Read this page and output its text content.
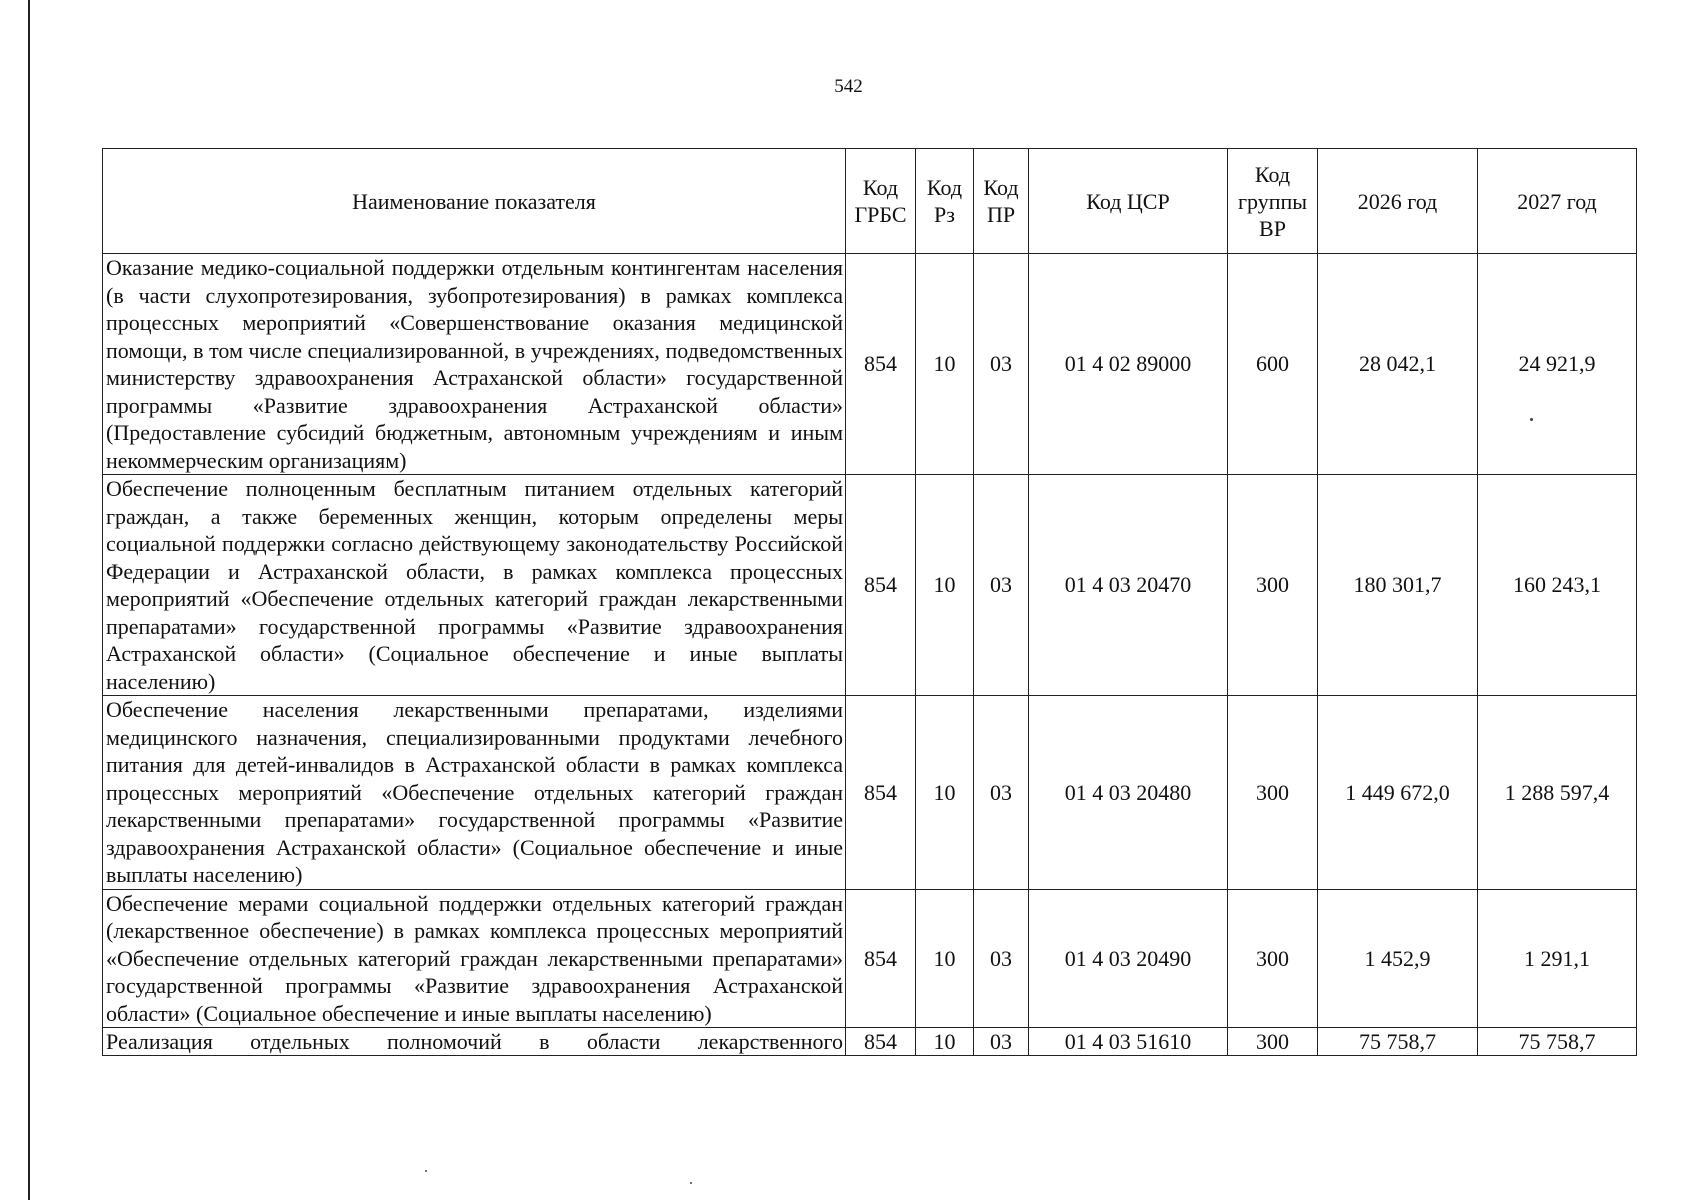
542
Наименование показателя	Код ГРБС	Код Рз	Код ПР	Код ЦСР	Код группы ВР	2026 год	2027 год
Оказание медико-социальной поддержки отдельным контингентам населения (в части слухопротезирования, зубопротезирования) в рамках комплекса процессных мероприятий «Совершенствование оказания медицинской помощи, в том числе специализированной, в учреждениях, подведомственных министерству здравоохранения Астраханской области» государственной программы «Развитие здравоохранения Астраханской области» (Предоставление субсидий бюджетным, автономным учреждениям и иным некоммерческим организациям)	854	10	03	01 4 02 89000	600	28 042,1	24 921,9
Обеспечение полноценным бесплатным питанием отдельных категорий граждан, а также беременных женщин, которым определены меры социальной поддержки согласно действующему законодательству Российской Федерации и Астраханской области, в рамках комплекса процессных мероприятий «Обеспечение отдельных категорий граждан лекарственными препаратами» государственной программы «Развитие здравоохранения Астраханской области» (Социальное обеспечение и иные выплаты населению)	854	10	03	01 4 03 20470	300	180 301,7	160 243,1
Обеспечение населения лекарственными препаратами, изделиями медицинского назначения, специализированными продуктами лечебного питания для детей-инвалидов в Астраханской области в рамках комплекса процессных мероприятий «Обеспечение отдельных категорий граждан лекарственными препаратами» государственной программы «Развитие здравоохранения Астраханской области» (Социальное обеспечение и иные выплаты населению)	854	10	03	01 4 03 20480	300	1 449 672,0	1 288 597,4
Обеспечение мерами социальной поддержки отдельных категорий граждан (лекарственное обеспечение) в рамках комплекса процессных мероприятий «Обеспечение отдельных категорий граждан лекарственными препаратами» государственной программы «Развитие здравоохранения Астраханской области» (Социальное обеспечение и иные выплаты населению)	854	10	03	01 4 03 20490	300	1 452,9	1 291,1
Реализация отдельных полномочий в области лекарственного	854	10	03	01 4 03 51610	300	75 758,7	75 758,7
